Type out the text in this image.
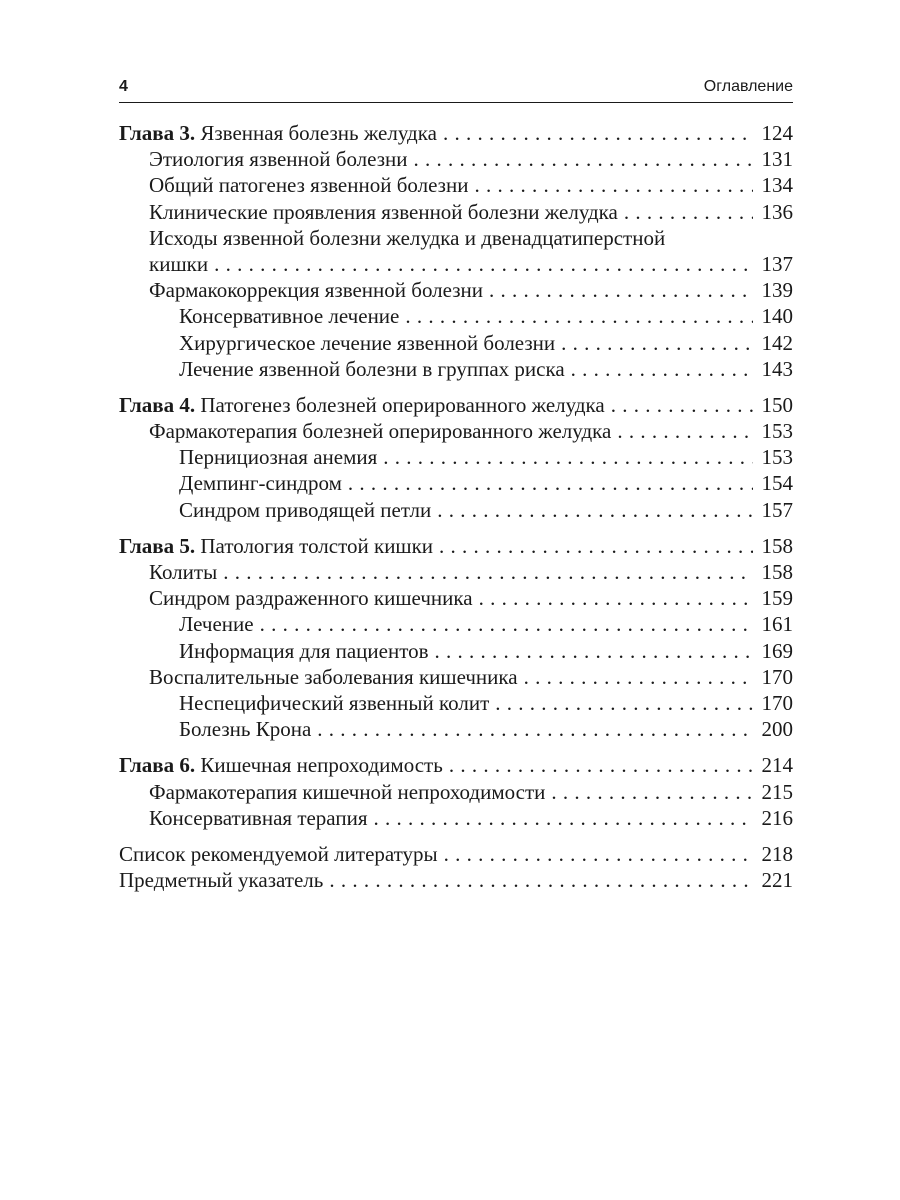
4	Оглавление
Глава 3. Язвенная болезнь желудка . . .	124
Этиология язвенной болезни . . .	131
Общий патогенез язвенной болезни . . .	134
Клинические проявления язвенной болезни желудка . . .	136
Исходы язвенной болезни желудка и двенадцатиперстной
кишки . . .	137
Фармакокоррекция язвенной болезни . . .	139
Консервативное лечение . . .	140
Хирургическое лечение язвенной болезни . . .	142
Лечение язвенной болезни в группах риска . . .	143
Глава 4. Патогенез болезней оперированного желудка . . .	150
Фармакотерапия болезней оперированного желудка . . .	153
Пернициозная анемия . . .	153
Демпинг-синдром . . .	154
Синдром приводящей петли . . .	157
Глава 5. Патология толстой кишки . . .	158
Колиты . . .	158
Синдром раздраженного кишечника . . .	159
Лечение . . .	161
Информация для пациентов . . .	169
Воспалительные заболевания кишечника . . .	170
Неспецифический язвенный колит . . .	170
Болезнь Крона . . .	200
Глава 6. Кишечная непроходимость . . .	214
Фармакотерапия кишечной непроходимости . . .	215
Консервативная терапия . . .	216
Список рекомендуемой литературы . . .	218
Предметный указатель . . .	221
